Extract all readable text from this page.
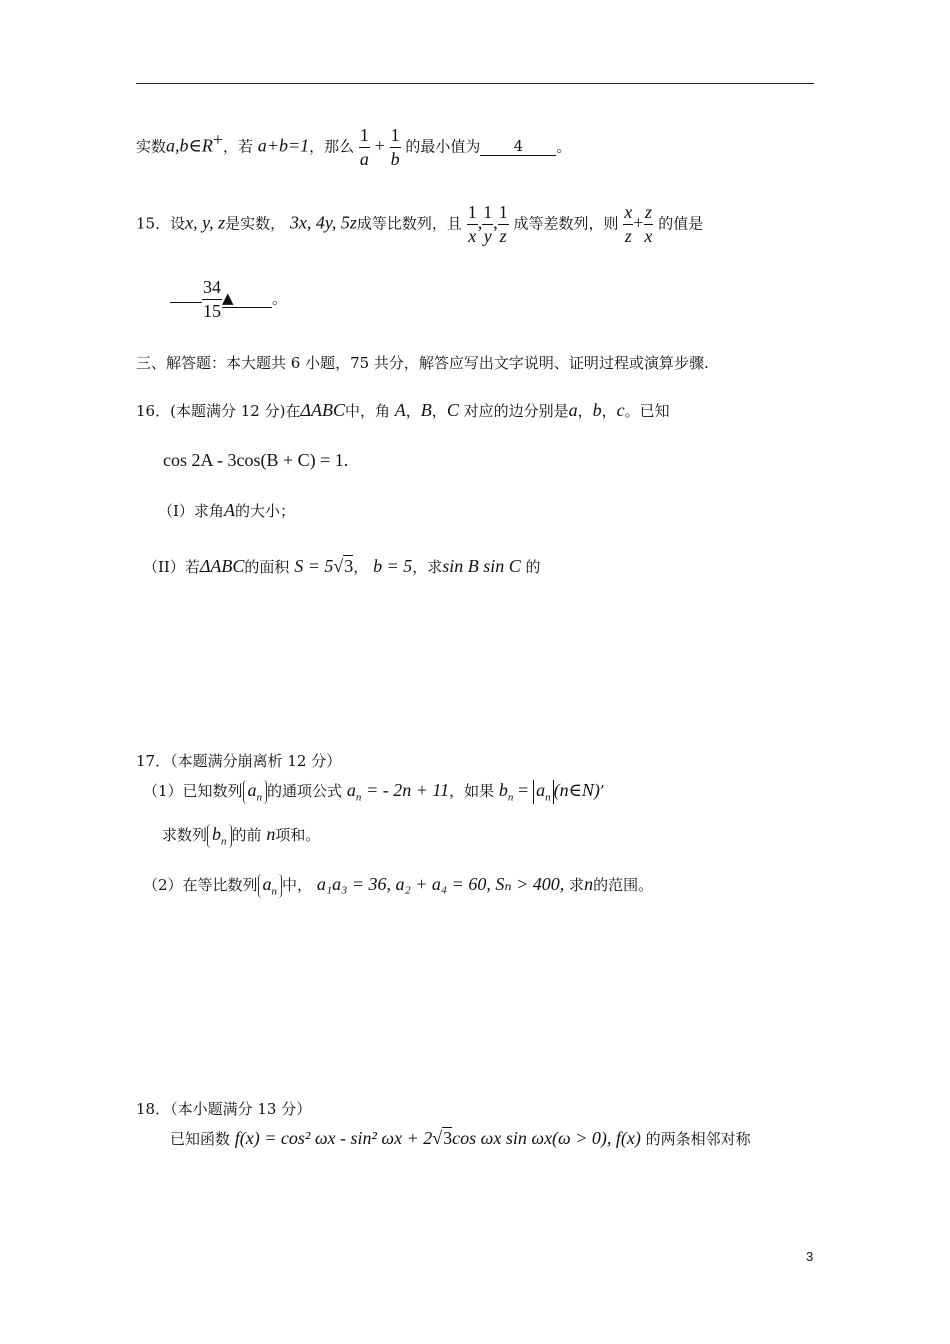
实数a,b∈R+，若 a+b=1，那么 $\frac{1}{a} + \frac{1}{b}$ 的最小值为 4 。
15．设x, y, z是实数， 3x, 4y, 5z成等比数列，且 $\frac{1}{x}$ , $\frac{1}{y}$ , $\frac{1}{z}$ 成等差数列，则 $\frac{x}{z} + \frac{z}{x}$ 的值是
$\frac{34}{15}$ ▲	。
三、解答题：本大题共 6 小题，75 共分，解答应写出文字说明、证明过程或演算步骤.
16．(本题满分 12 分)在ΔABC中，角 A，B，C 对应的边分别是a，b，c。已知
cos 2A - 3cos(B + C) = 1.
（I）求角A的大小；
（II）若ΔABC的面积 S = 5√3， b = 5，求sin B sin C 的
17．（本题满分崩离析 12 分）
（1）已知数列 $a_n$ 的通项公式 $a_n$ = - 2n + 11，如果 $b_n = a_n$ (n∈N)’
求数列 $b_n$ 的前 n项和。
（2）在等比数列 $a_n$ 中， a₁a₃ = 36, a₂ + a₄ = 60, Sₙ > 400, 求n的范围。
18．（本小题满分 13 分）
已知函数 f(x) = cos² ωx - sin² ωx + 2√3cos ωx sin ωx(ω > 0), f(x) 的两条相邻对称
3
